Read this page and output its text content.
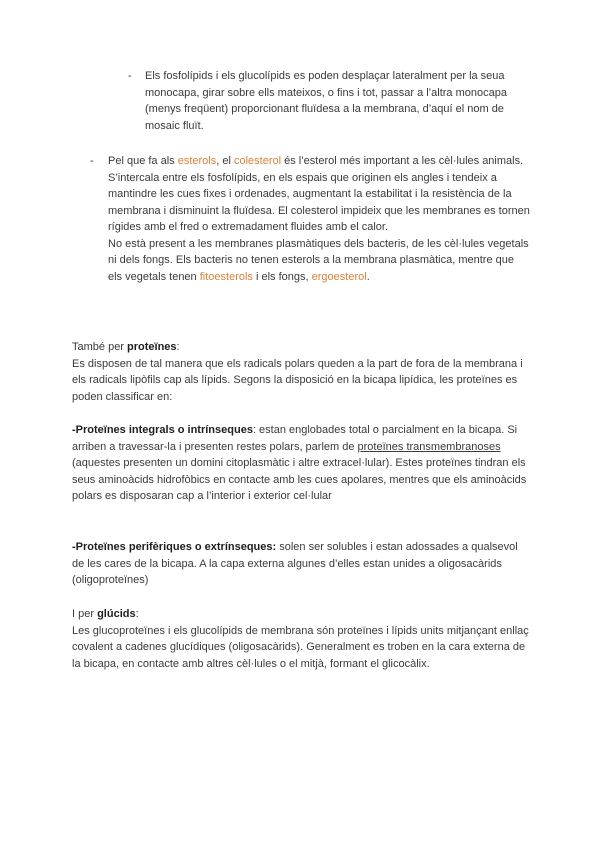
- Els fosfolípids i els glucolípids es poden desplaçar lateralment per la seua monocapa, girar sobre ells mateixos, o fins i tot, passar a l’altra monocapa (menys freqüent) proporcionant fluïdesa a la membrana, d’aquí el nom de mosaic fluït.

- Pel que fa als esterols, el colesterol és l’esterol més important a les cèl·lules animals. S’intercala entre els fosfolípids, en els espais que originen els angles i tendeix a mantindre les cues fixes i ordenades, augmentant la estabilitat i la resistència de la membrana i disminuint la fluïdesa. El colesterol impideix que les membranes es tornen rígides amb el fred o extremadament fluides amb el calor.

No està present a les membranes plasmàtiques dels bacteris, de les cèl·lules vegetals ni dels fongs. Els bacteris no tenen esterols a la membrana plasmàtica, mentre que els vegetals tenen fitoesterols i els fongs, ergoesterol.

També per proteïnes:

Es disposen de tal manera que els radicals polars queden a la part de fora de la membrana i els radicals lipòfils cap als lípids. Segons la disposició en la bicapa lipídica, les proteïnes es poden classificar en:

-Proteïnes integrals o intrínseques: estan englobades total o parcialment en la bicapa. Si arriben a travessar-la i presenten restes polars, parlem de proteïnes transmembranoses (aquestes presenten un domini citoplasmàtic i altre extracel·lular). Estes proteïnes tindran els seus aminoàcids hidrofòbics en contacte amb les cues apolares, mentres que els aminoàcids polars es disposaran cap a l’interior i exterior cel·lular

-Proteïnes perifèriques o extrínseques: solen ser solubles i estan adossades a qualsevol de les cares de la bicapa. A la capa externa algunes d’elles estan unides a oligosacàrids (oligoproteïnes)

I per glúcids:

Les glucoproteïnes i els glucolípids de membrana són proteïnes i lípids units mitjançant enllaç covalent a cadenes glucídiques (oligosacàrids). Generalment es troben en la cara externa de la bicapa, en contacte amb altres cèl·lules o el mitjà, formant el glicocàlix.
